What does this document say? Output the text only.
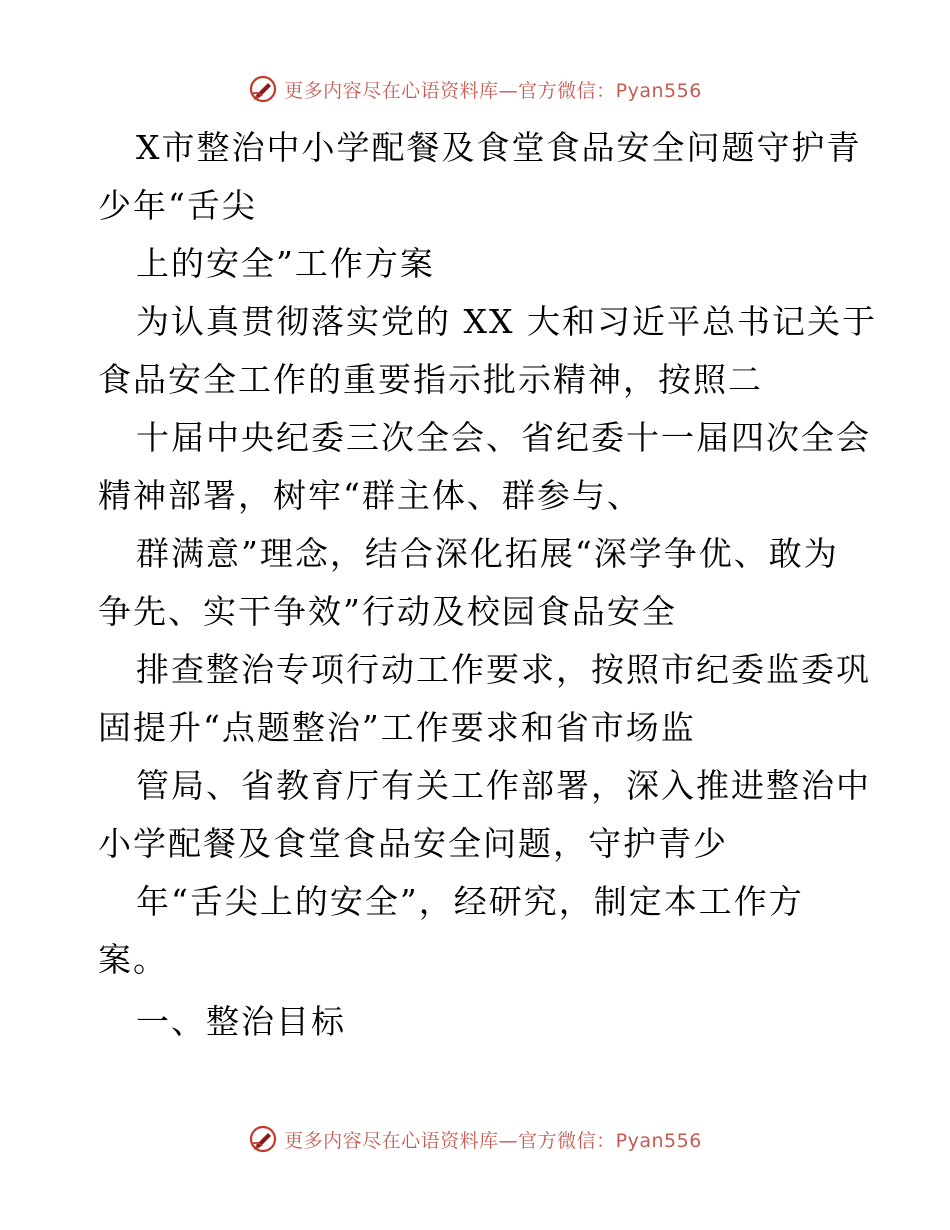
更多内容尽在心语资料库—官方微信：Pyan556
X市整治中小学配餐及食堂食品安全问题守护青
少年“舌尖
上的安全”工作方案
为认真贯彻落实党的 XX 大和习近平总书记关于
食品安全工作的重要指示批示精神，按照二
十届中央纪委三次全会、省纪委十一届四次全会
精神部署，树牢“群主体、群参与、
群满意”理念，结合深化拓展“深学争优、敢为
争先、实干争效”行动及校园食品安全
排查整治专项行动工作要求，按照市纪委监委巩
固提升“点题整治”工作要求和省市场监
管局、省教育厅有关工作部署，深入推进整治中
小学配餐及食堂食品安全问题，守护青少
年“舌尖上的安全”，经研究，制定本工作方
案。
一、整治目标
更多内容尽在心语资料库—官方微信：Pyan556
